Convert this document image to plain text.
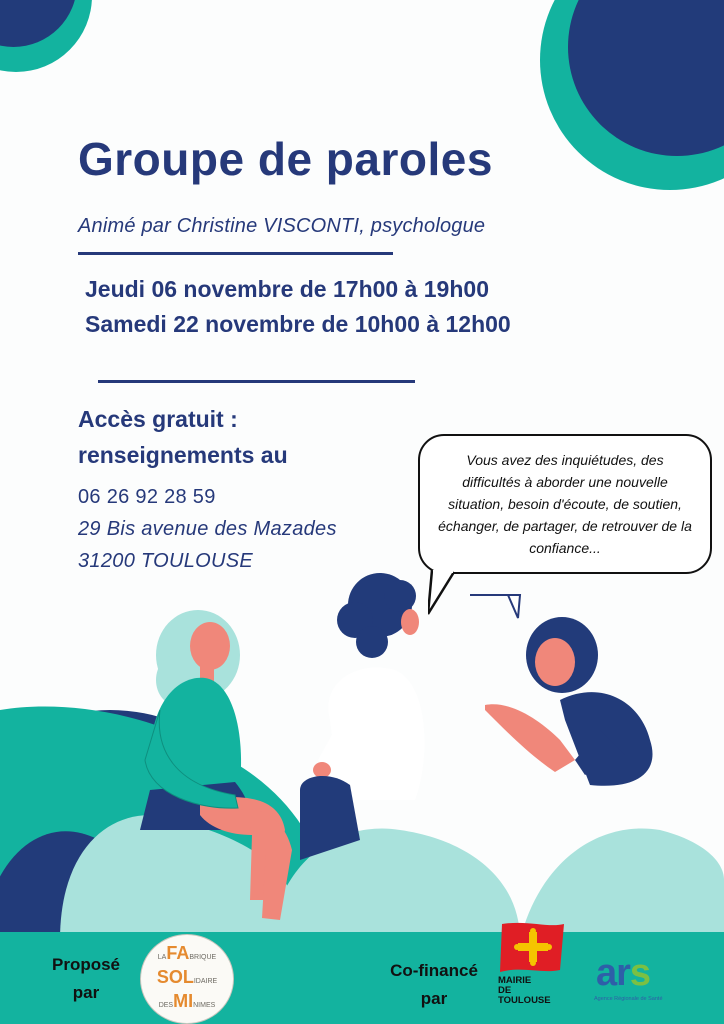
Groupe de paroles
Animé par Christine VISCONTI, psychologue
Jeudi 06 novembre de 17h00 à 19h00
Samedi 22 novembre de 10h00 à 12h00
Accès gratuit :
renseignements au
06 26 92 28 59
29 Bis avenue des Mazades
31200 TOULOUSE
Vous avez des inquiétudes, des difficultés à aborder une nouvelle situation, besoin d'écoute, de soutien, échanger, de partager, de retrouver de la confiance...
Proposé
par
LAFABRIQUE
SOLIDAIRE
DESMINIMES
Co-financé
par
MAIRIE
DE
TOULOUSE
ars
Agence Régionale de Santé
